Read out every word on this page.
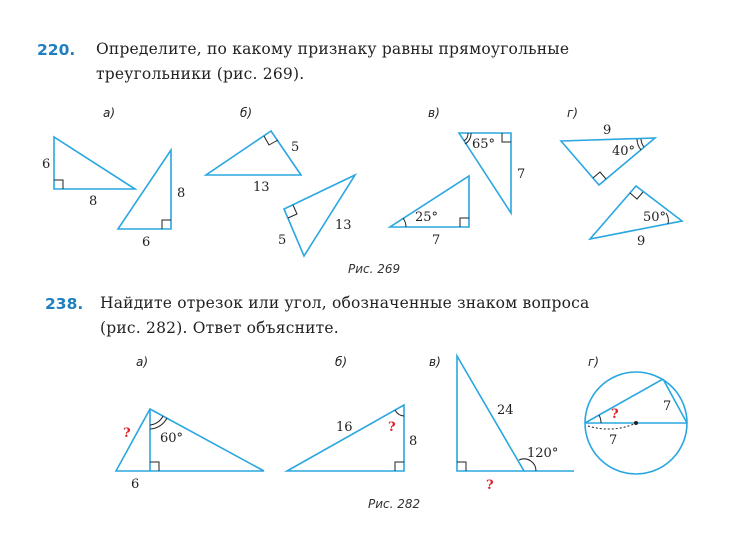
220. Определите, по какому признаку равны прямоугольные
треугольники (рис. 269).
238. Найдите отрезок или угол, обозначенные знаком вопроса
(рис. 282). Ответ объясните.
а)	б)	в)	г)
6
8
8
6
5
13
5
13
25°
7
65°
7
9
40°
50°
9
Рис. 269
а)	б)	в)	г)
? 60°
6
16	?
8
24
120°
?
?
7
7
Рис. 282
